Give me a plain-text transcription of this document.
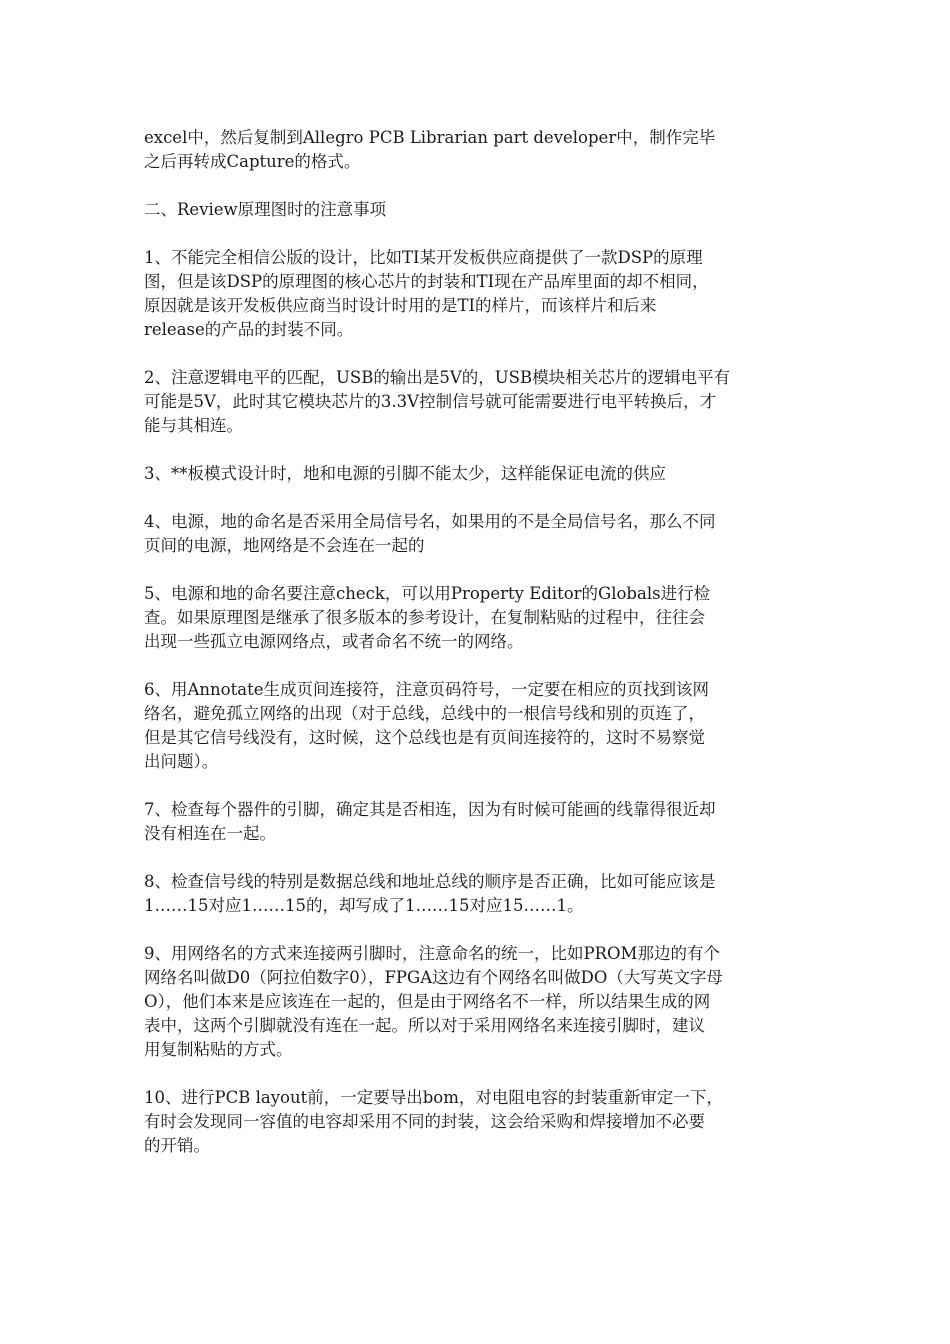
excel中，然后复制到Allegro PCB Librarian part developer中，制作完毕
之后再转成Capture的格式。

二、Review原理图时的注意事项

1、不能完全相信公版的设计，比如TI某开发板供应商提供了一款DSP的原理
图，但是该DSP的原理图的核心芯片的封装和TI现在产品库里面的却不相同，
原因就是该开发板供应商当时设计时用的是TI的样片，而该样片和后来
release的产品的封装不同。

2、注意逻辑电平的匹配，USB的输出是5V的，USB模块相关芯片的逻辑电平有
可能是5V，此时其它模块芯片的3.3V控制信号就可能需要进行电平转换后，才
能与其相连。

3、**板模式设计时，地和电源的引脚不能太少，这样能保证电流的供应

4、电源，地的命名是否采用全局信号名，如果用的不是全局信号名，那么不同
页间的电源，地网络是不会连在一起的

5、电源和地的命名要注意check，可以用Property Editor的Globals进行检
查。如果原理图是继承了很多版本的参考设计，在复制粘贴的过程中，往往会
出现一些孤立电源网络点，或者命名不统一的网络。

6、用Annotate生成页间连接符，注意页码符号，一定要在相应的页找到该网
络名，避免孤立网络的出现（对于总线，总线中的一根信号线和别的页连了，
但是其它信号线没有，这时候，这个总线也是有页间连接符的，这时不易察觉
出问题）。

7、检查每个器件的引脚，确定其是否相连，因为有时候可能画的线靠得很近却
没有相连在一起。

8、检查信号线的特别是数据总线和地址总线的顺序是否正确，比如可能应该是
1……15对应1……15的，却写成了1……15对应15……1。

9、用网络名的方式来连接两引脚时，注意命名的统一，比如PROM那边的有个
网络名叫做D0（阿拉伯数字0），FPGA这边有个网络名叫做DO（大写英文字母
O），他们本来是应该连在一起的，但是由于网络名不一样，所以结果生成的网
表中，这两个引脚就没有连在一起。所以对于采用网络名来连接引脚时，建议
用复制粘贴的方式。

10、进行PCB layout前，一定要导出bom，对电阻电容的封装重新审定一下，
有时会发现同一容值的电容却采用不同的封装，这会给采购和焊接增加不必要
的开销。
